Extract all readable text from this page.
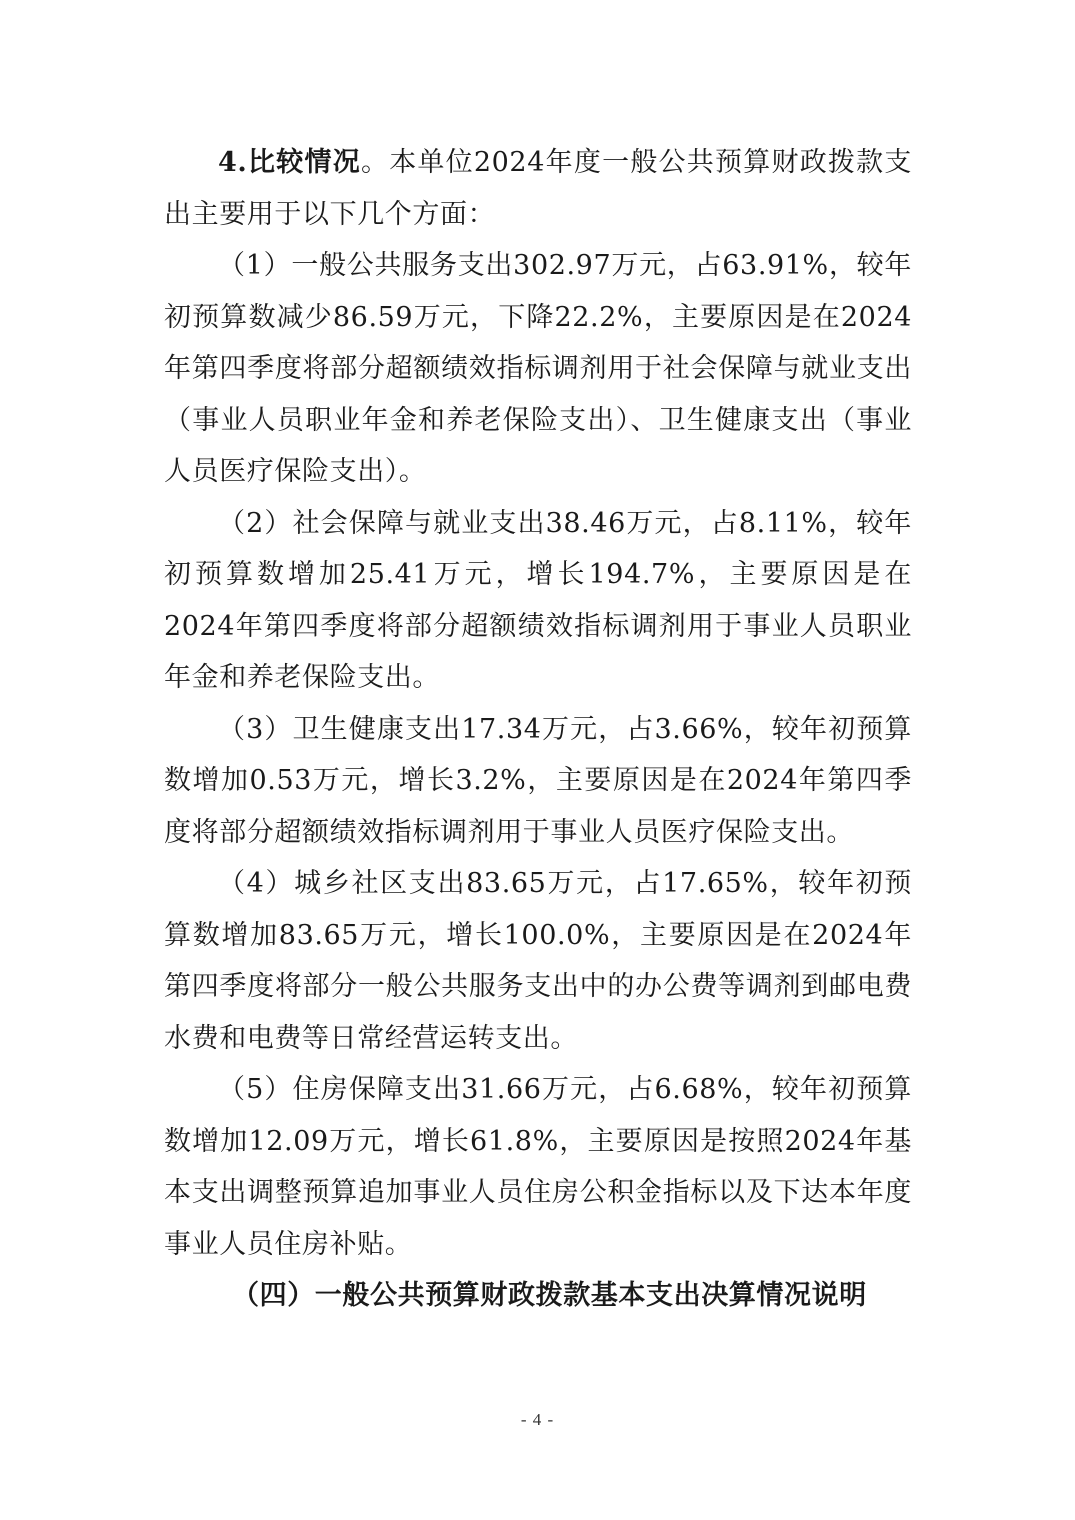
4.比较情况。本单位2024年度一般公共预算财政拨款支出主要用于以下几个方面：

（1）一般公共服务支出302.97万元，占63.91%，较年初预算数减少86.59万元，下降22.2%，主要原因是在2024年第四季度将部分超额绩效指标调剂用于社会保障与就业支出（事业人员职业年金和养老保险支出）、卫生健康支出（事业人员医疗保险支出）。

（2）社会保障与就业支出38.46万元，占8.11%，较年初预算数增加25.41万元，增长194.7%，主要原因是在2024年第四季度将部分超额绩效指标调剂用于事业人员职业年金和养老保险支出。

（3）卫生健康支出17.34万元，占3.66%，较年初预算数增加0.53万元，增长3.2%，主要原因是在2024年第四季度将部分超额绩效指标调剂用于事业人员医疗保险支出。

（4）城乡社区支出83.65万元，占17.65%，较年初预算数增加83.65万元，增长100.0%，主要原因是在2024年第四季度将部分一般公共服务支出中的办公费等调剂到邮电费水费和电费等日常经营运转支出。

（5）住房保障支出31.66万元，占6.68%，较年初预算数增加12.09万元，增长61.8%，主要原因是按照2024年基本支出调整预算追加事业人员住房公积金指标以及下达本年度事业人员住房补贴。

（四）一般公共预算财政拨款基本支出决算情况说明

- 4 -
